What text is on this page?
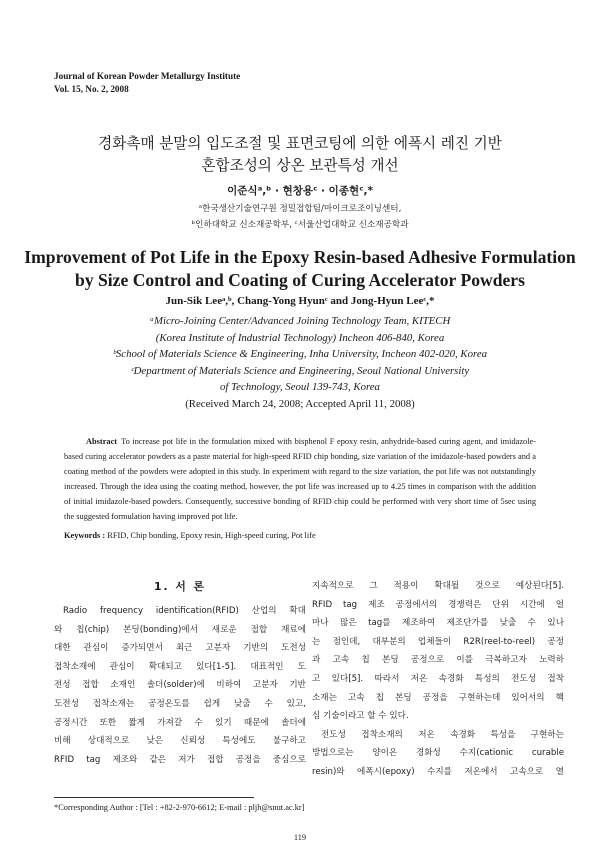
Journal of Korean Powder Metallurgy Institute
Vol. 15, No. 2, 2008
경화촉매 분말의 입도조절 및 표면코팅에 의한 에폭시 레진 기반
혼합조성의 상온 보관특성 개선
이준식ᵃ,ᵇ · 현창용ᶜ · 이종현ᶜ,*
ᵃ한국생산기술연구원 정밀접합팀/마이크로조이닝센터,
ᵇ인하대학교 신소재공학부, ᶜ서울산업대학교 신소재공학과
Improvement of Pot Life in the Epoxy Resin-based Adhesive Formulation
by Size Control and Coating of Curing Accelerator Powders
Jun-Sik Leeᵃ,ᵇ, Chang-Yong Hyunᶜ and Jong-Hyun Leeᶜ,*
ᵃMicro-Joining Center/Advanced Joining Technology Team, KITECH
(Korea Institute of Industrial Technology) Incheon 406-840, Korea
ᵇSchool of Materials Science & Engineering, Inha University, Incheon 402-020, Korea
ᶜDepartment of Materials Science and Engineering, Seoul National University
of Technology, Seoul 139-743, Korea
(Received March 24, 2008; Accepted April 11, 2008)
Abstract To increase pot life in the formulation mixed with bisphenol F epoxy resin, anhydride-based curing agent, and imidazole-based curing accelerator powders as a paste material for high-speed RFID chip bonding, size variation of the imidazole-based powders and a coating method of the powders were adopted in this study. In experiment with regard to the size variation, the pot life was not outstandingly increased. Through the idea using the coating method, however, the pot life was increased up to 4.25 times in comparison with the addition of initial imidazole-based powders. Consequently, successive bonding of RFID chip could be performed with very short time of 5sec using the suggested formulation having improved pot life.
Keywords : RFID, Chip bonding, Epoxy resin, High-speed curing, Pot life
1. 서 론
Radio frequency identification(RFID) 산업의 확대
와 칩(chip) 본딩(bonding)에서 새로운 접합 재료에
대한 관심이 증가되면서 최근 고분자 기반의 도전성
접착소재에 관심이 확대되고 있다[1-5]. 대표적인 도
전성 접합 소재인 솔더(solder)에 비하여 고분자 기반
도전성 접착소재는 공정온도를 쉽게 낮출 수 있고,
공정시간 또한 짧게 가져갈 수 있기 때문에 솔더에
비해 상대적으로 낮은 신뢰성 특성에도 불구하고
RFID tag 제조와 같은 저가 접합 공정을 중심으로
지속적으로 그 적용이 확대될 것으로 예상된다[5].
RFID tag 제조 공정에서의 경쟁력은 단위 시간에 얼
마나 많은 tag를 제조하여 제조단가를 낮출 수 있나
는 점인데, 대부분의 업체들이 R2R(reel-to-reel) 공정
과 고속 칩 본딩 공정으로 이를 극복하고자 노력하
고 있다[5]. 따라서 저온 속경화 특성의 전도성 접착
소재는 고속 칩 본딩 공정을 구현하는데 있어서의 핵
심 기술이라고 할 수 있다.
전도성 접착소재의 저온 속경화 특성을 구현하는
방법으로는 양이온 경화성 수지(cationic curable
resin)와 에폭시(epoxy) 수지를 저온에서 고속으로 열
*Corresponding Author : [Tel : +82-2-970-6612; E-mail : pljh@snut.ac.kr]
119
